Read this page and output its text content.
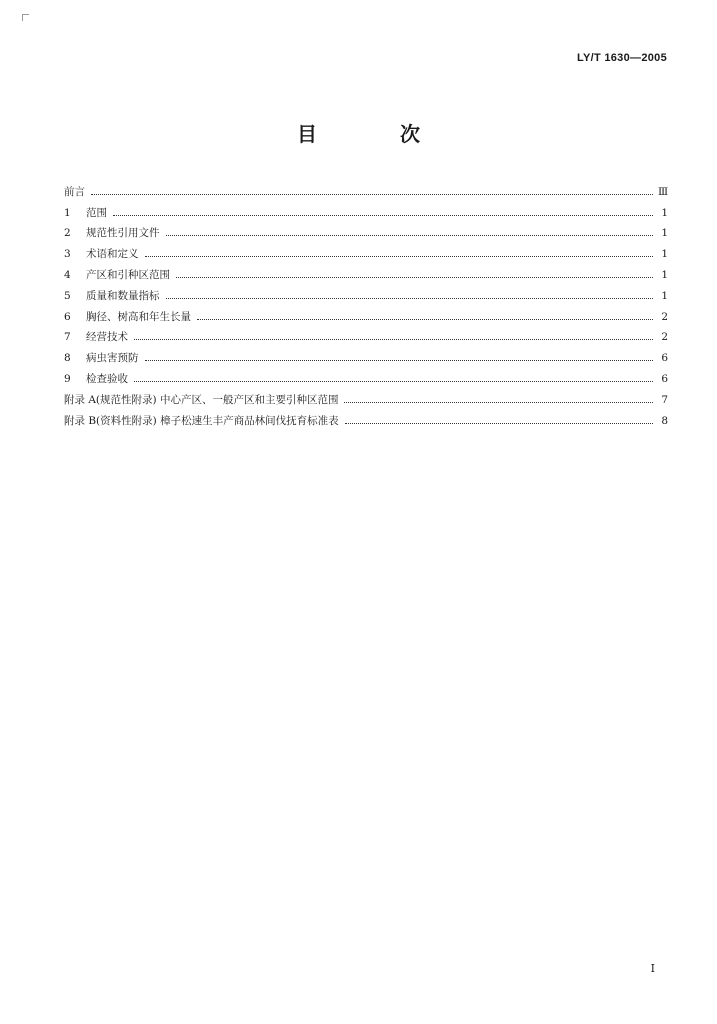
LY/T 1630—2005
目 次
前言	Ⅲ
1 范围	1
2 规范性引用文件	1
3 术语和定义	1
4 产区和引种区范围	1
5 质量和数量指标	1
6 胸径、树高和年生长量	2
7 经营技术	2
8 病虫害预防	6
9 检查验收	6
附录 A(规范性附录) 中心产区、一般产区和主要引种区范围	7
附录 B(资料性附录) 樟子松速生丰产商品林间伐抚育标准表	8
I
